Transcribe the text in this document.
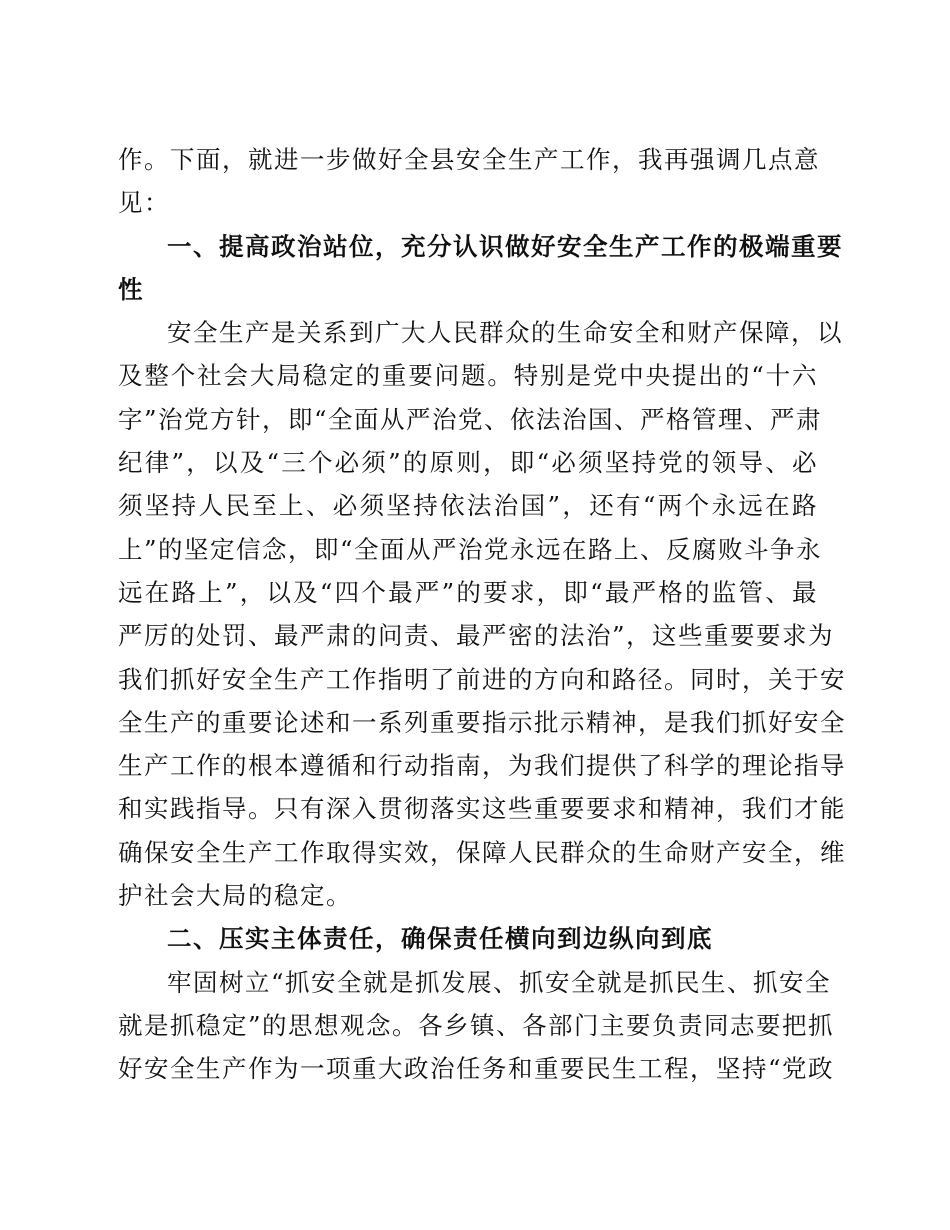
作。下面，就进一步做好全县安全生产工作，我再强调几点意
见：
一、提高政治站位，充分认识做好安全生产工作的极端重要
性
安全生产是关系到广大人民群众的生命安全和财产保障，以
及整个社会大局稳定的重要问题。特别是党中央提出的“十六
字”治党方针，即“全面从严治党、依法治国、严格管理、严肃
纪律”，以及“三个必须”的原则，即“必须坚持党的领导、必
须坚持人民至上、必须坚持依法治国”，还有“两个永远在路
上”的坚定信念，即“全面从严治党永远在路上、反腐败斗争永
远在路上”，以及“四个最严”的要求，即“最严格的监管、最
严厉的处罚、最严肃的问责、最严密的法治”，这些重要要求为
我们抓好安全生产工作指明了前进的方向和路径。同时，关于安
全生产的重要论述和一系列重要指示批示精神，是我们抓好安全
生产工作的根本遵循和行动指南，为我们提供了科学的理论指导
和实践指导。只有深入贯彻落实这些重要要求和精神，我们才能
确保安全生产工作取得实效，保障人民群众的生命财产安全，维
护社会大局的稳定。
二、压实主体责任，确保责任横向到边纵向到底
牢固树立“抓安全就是抓发展、抓安全就是抓民生、抓安全
就是抓稳定”的思想观念。各乡镇、各部门主要负责同志要把抓
好安全生产作为一项重大政治任务和重要民生工程，坚持“党政
